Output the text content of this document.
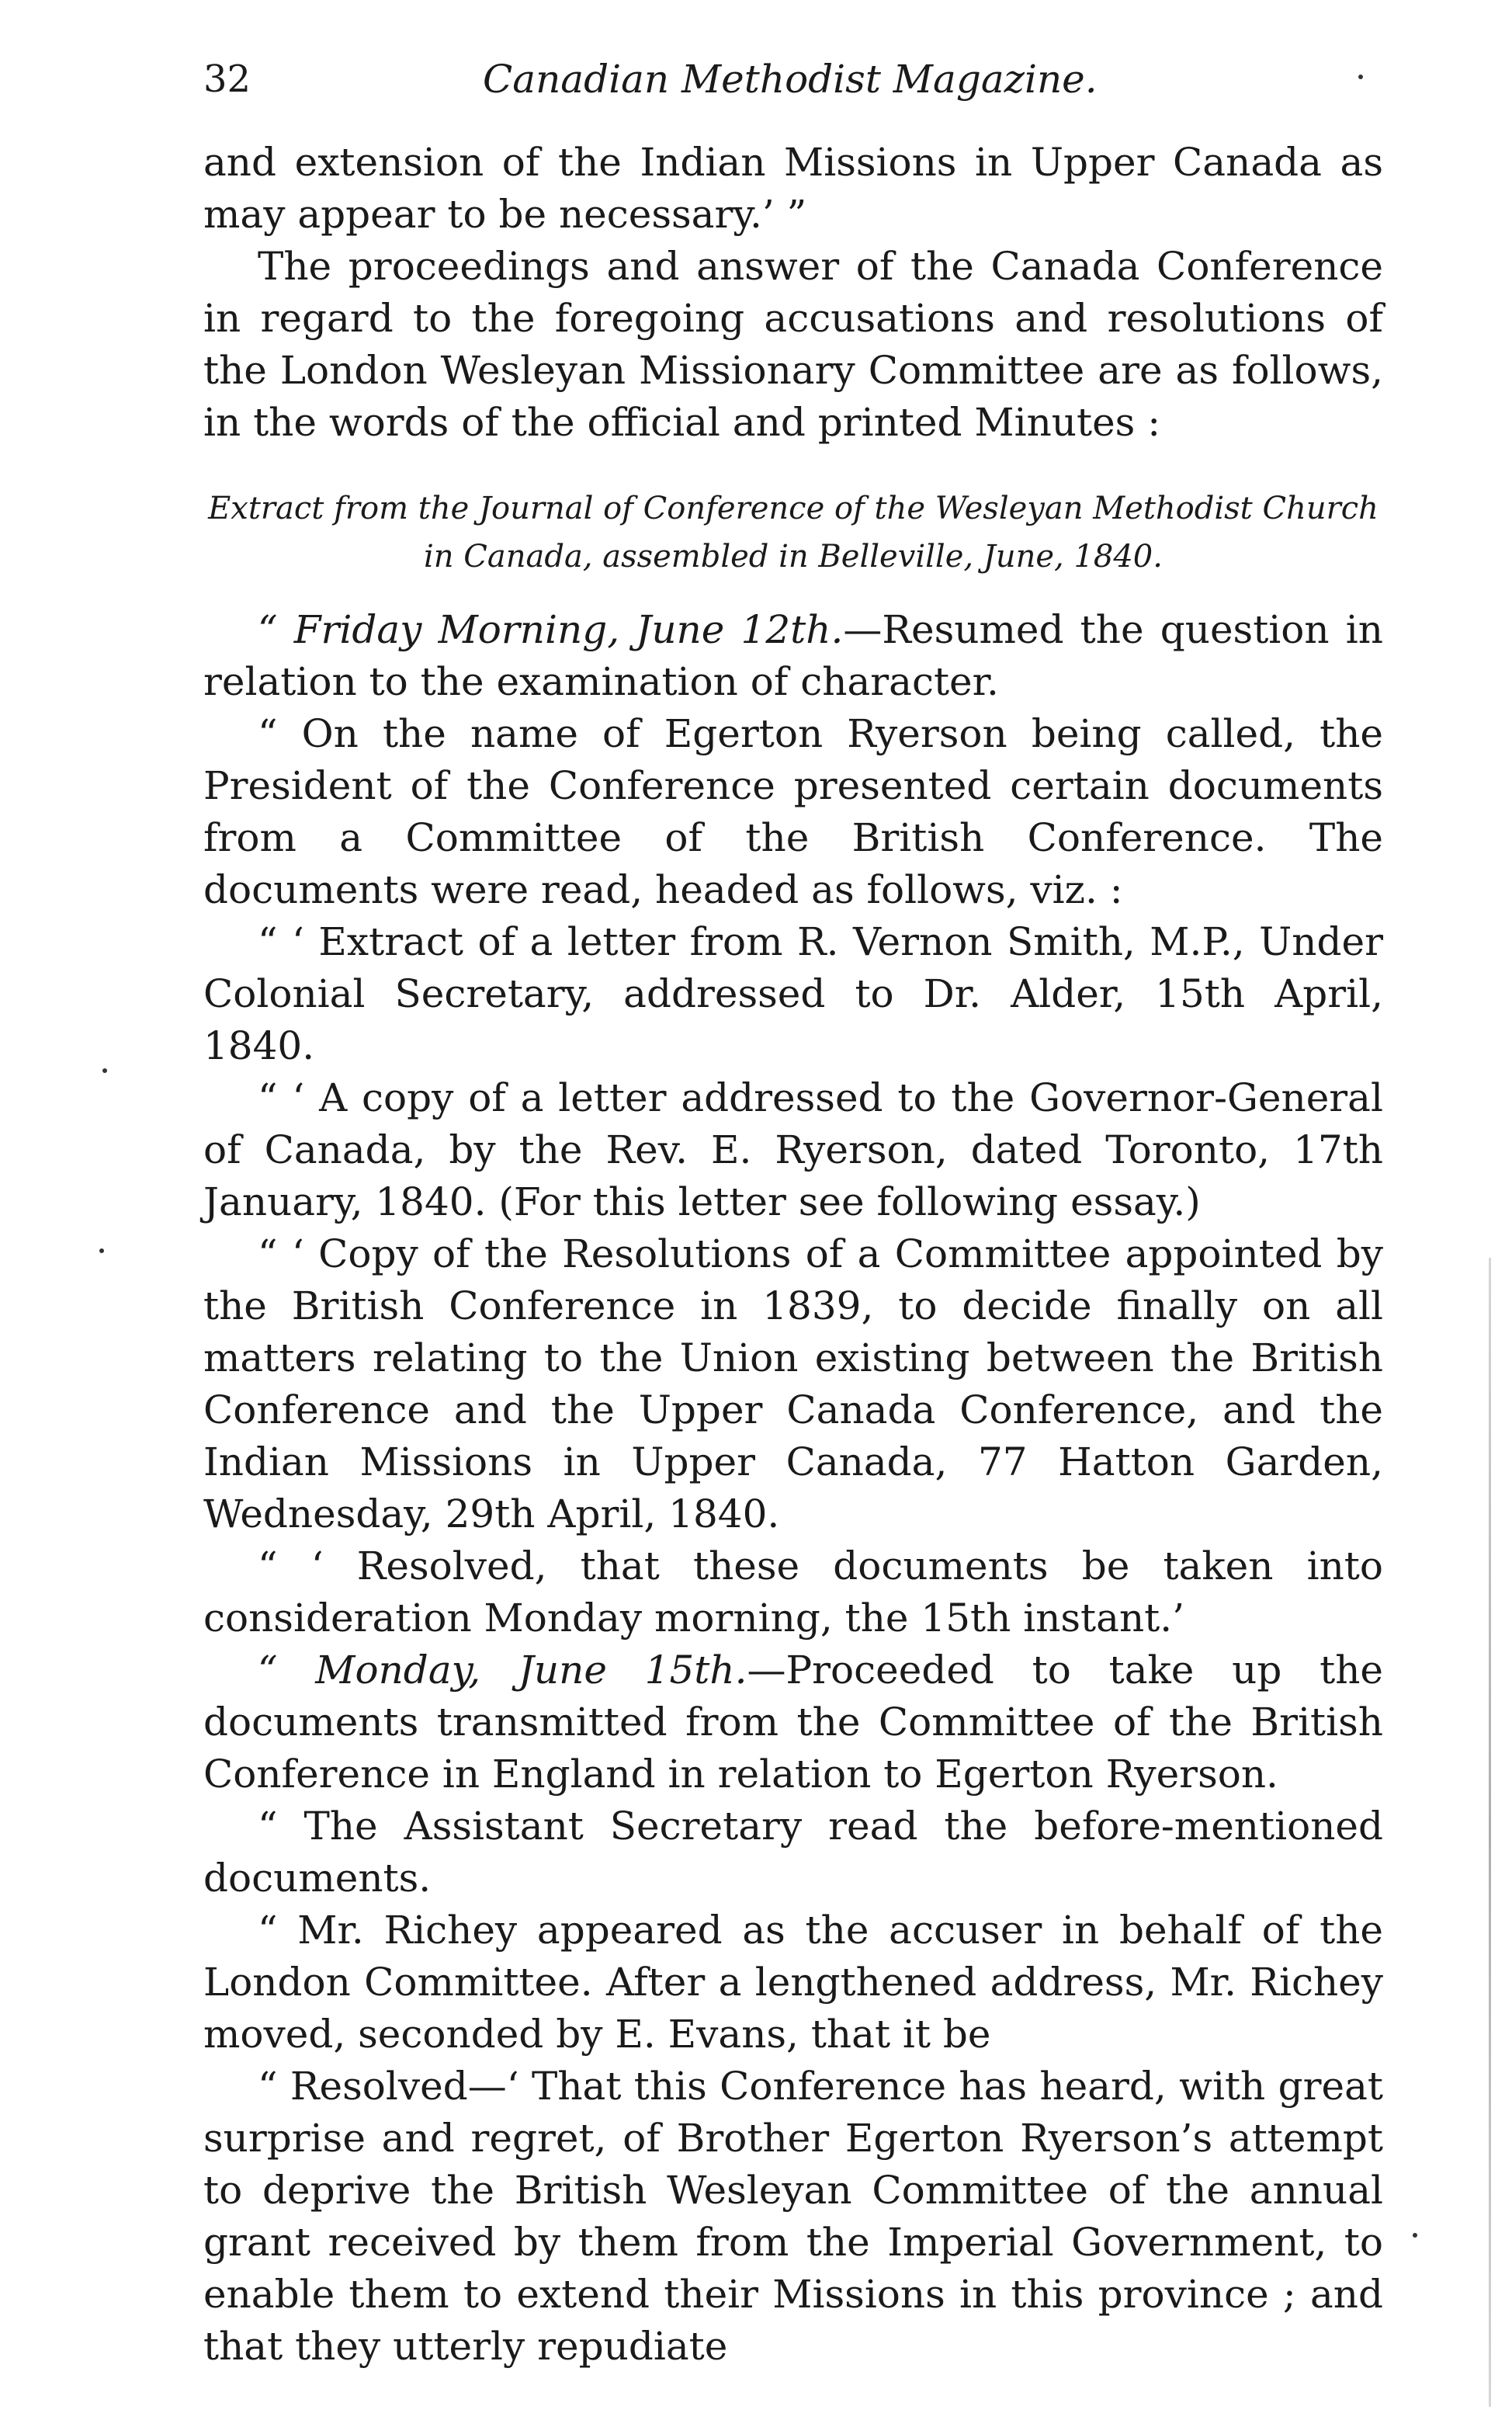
32	Canadian Methodist Magazine.

and extension of the Indian Missions in Upper Canada as may appear to be necessary.’ ”

The proceedings and answer of the Canada Conference in regard to the foregoing accusations and resolutions of the London Wesleyan Missionary Committee are as follows, in the words of the official and printed Minutes :

Extract from the Journal of Conference of the Wesleyan Methodist Church
in Canada, assembled in Belleville, June, 1840.

“ Friday Morning, June 12th.—Resumed the question in relation to the examination of character.

“ On the name of Egerton Ryerson being called, the President of the Conference presented certain documents from a Committee of the British Conference. The documents were read, headed as follows, viz. :

“ ‘ Extract of a letter from R. Vernon Smith, M.P., Under Colonial Secretary, addressed to Dr. Alder, 15th April, 1840.

“ ‘ A copy of a letter addressed to the Governor-General of Canada, by the Rev. E. Ryerson, dated Toronto, 17th January, 1840. (For this letter see following essay.)

“ ‘ Copy of the Resolutions of a Committee appointed by the British Conference in 1839, to decide finally on all matters relating to the Union existing between the British Conference and the Upper Canada Conference, and the Indian Missions in Upper Canada, 77 Hatton Garden, Wednesday, 29th April, 1840.

“ ‘ Resolved, that these documents be taken into consideration Monday morning, the 15th instant.’

“ Monday, June 15th.—Proceeded to take up the documents transmitted from the Committee of the British Conference in England in relation to Egerton Ryerson.

“ The Assistant Secretary read the before-mentioned documents.

“ Mr. Richey appeared as the accuser in behalf of the London Committee. After a lengthened address, Mr. Richey moved, seconded by E. Evans, that it be

“ Resolved—‘ That this Conference has heard, with great surprise and regret, of Brother Egerton Ryerson’s attempt to deprive the British Wesleyan Committee of the annual grant received by them from the Imperial Government, to enable them to extend their Missions in this province ; and that they utterly repudiate
